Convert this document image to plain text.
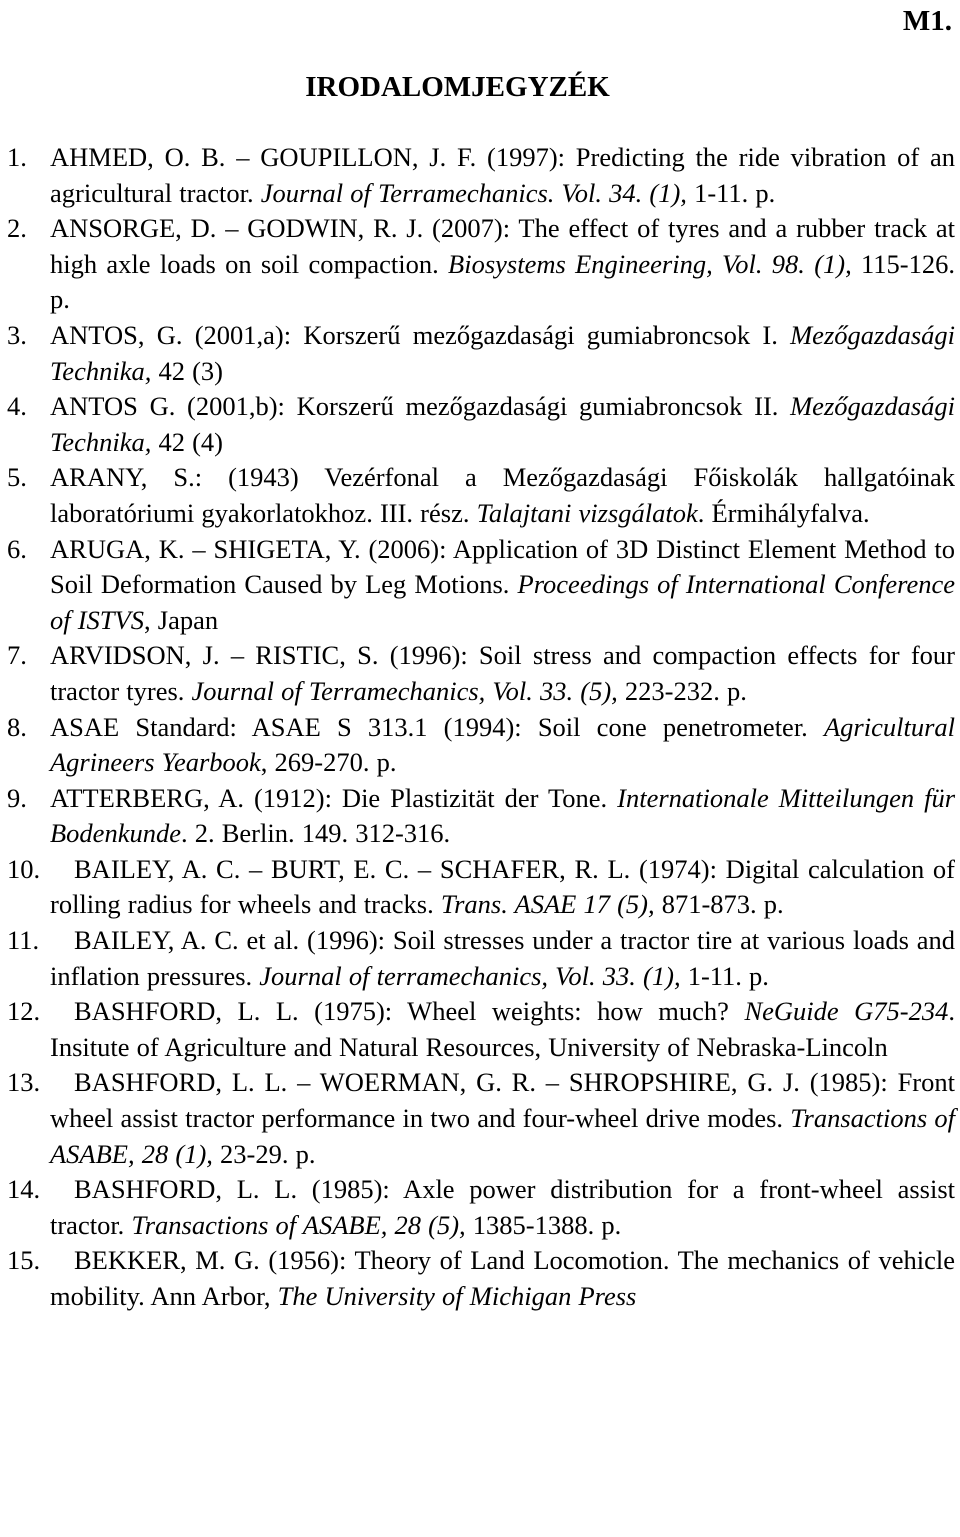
M1.
IRODALOMJEGYZÉK
1. AHMED, O. B. – GOUPILLON, J. F. (1997): Predicting the ride vibration of an agricultural tractor. Journal of Terramechanics. Vol. 34. (1), 1-11. p.
2. ANSORGE, D. – GODWIN, R. J. (2007): The effect of tyres and a rubber track at high axle loads on soil compaction. Biosystems Engineering, Vol. 98. (1), 115-126. p.
3. ANTOS, G. (2001,a): Korszerű mezőgazdasági gumiabroncsok I. Mezőgazdasági Technika, 42 (3)
4. ANTOS G. (2001,b): Korszerű mezőgazdasági gumiabroncsok II. Mezőgazdasági Technika, 42 (4)
5. ARANY, S.: (1943) Vezérfonal a Mezőgazdasági Főiskolák hallgatóinak laboratóriumi gyakorlatokhoz. III. rész. Talajtani vizsgálatok. Érmihályfalva.
6. ARUGA, K. – SHIGETA, Y. (2006): Application of 3D Distinct Element Method to Soil Deformation Caused by Leg Motions. Proceedings of International Conference of ISTVS, Japan
7. ARVIDSON, J. – RISTIC, S. (1996): Soil stress and compaction effects for four tractor tyres. Journal of Terramechanics, Vol. 33. (5), 223-232. p.
8. ASAE Standard: ASAE S 313.1 (1994): Soil cone penetrometer. Agricultural Agrineers Yearbook, 269-270. p.
9. ATTERBERG, A. (1912): Die Plastizität der Tone. Internationale Mitteilungen für Bodenkunde. 2. Berlin. 149. 312-316.
10. BAILEY, A. C. – BURT, E. C. – SCHAFER, R. L. (1974): Digital calculation of rolling radius for wheels and tracks. Trans. ASAE 17 (5), 871-873. p.
11. BAILEY, A. C. et al. (1996): Soil stresses under a tractor tire at various loads and inflation pressures. Journal of terramechanics, Vol. 33. (1), 1-11. p.
12. BASHFORD, L. L. (1975): Wheel weights: how much? NeGuide G75-234. Insitute of Agriculture and Natural Resources, University of Nebraska-Lincoln
13. BASHFORD, L. L. – WOERMAN, G. R. – SHROPSHIRE, G. J. (1985): Front wheel assist tractor performance in two and four-wheel drive modes. Transactions of ASABE, 28 (1), 23-29. p.
14. BASHFORD, L. L. (1985): Axle power distribution for a front-wheel assist tractor. Transactions of ASABE, 28 (5), 1385-1388. p.
15. BEKKER, M. G. (1956): Theory of Land Locomotion. The mechanics of vehicle mobility. Ann Arbor, The University of Michigan Press
